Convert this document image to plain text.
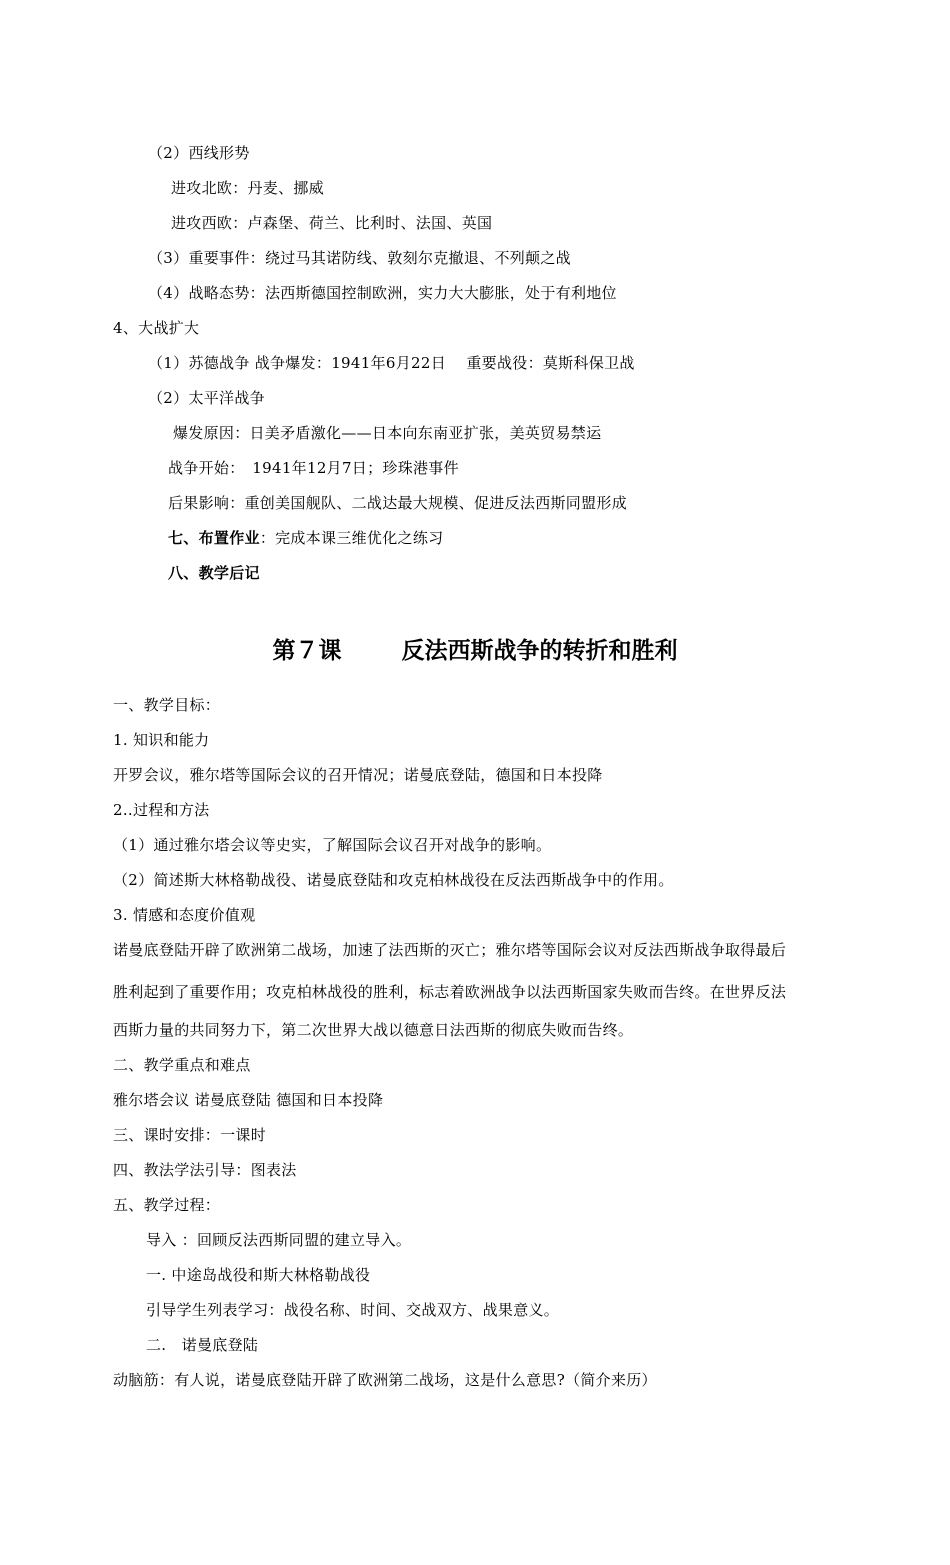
（2）西线形势
进攻北欧：丹麦、挪威
进攻西欧：卢森堡、荷兰、比利时、法国、英国
（3）重要事件：绕过马其诺防线、敦刻尔克撤退、不列颠之战
（4）战略态势：法西斯德国控制欧洲，实力大大膨胀，处于有利地位
4、大战扩大
（1）苏德战争 战争爆发：1941年6月22日　 重要战役：莫斯科保卫战
（2）太平洋战争
爆发原因：日美矛盾激化——日本向东南亚扩张，美英贸易禁运
战争开始：　1941年12月7日；珍珠港事件
后果影响：重创美国舰队、二战达最大规模、促进反法西斯同盟形成
七、布置作业：完成本课三维优化之练习
八、教学后记
第７课	反法西斯战争的转折和胜利
一、教学目标：
1. 知识和能力
开罗会议，雅尔塔等国际会议的召开情况；诺曼底登陆，德国和日本投降
2..过程和方法
（1）通过雅尔塔会议等史实，了解国际会议召开对战争的影响。
（2）简述斯大林格勒战役、诺曼底登陆和攻克柏林战役在反法西斯战争中的作用。
3. 情感和态度价值观
诺曼底登陆开辟了欧洲第二战场，加速了法西斯的灭亡；雅尔塔等国际会议对反法西斯战争取得最后
胜利起到了重要作用；攻克柏林战役的胜利，标志着欧洲战争以法西斯国家失败而告终。在世界反法
西斯力量的共同努力下，第二次世界大战以德意日法西斯的彻底失败而告终。
二、教学重点和难点
雅尔塔会议 诺曼底登陆 德国和日本投降
三、课时安排：一课时
四、教法学法引导：图表法
五、教学过程：
导入 ：回顾反法西斯同盟的建立导入。
一. 中途岛战役和斯大林格勒战役
引导学生列表学习：战役名称、时间、交战双方、战果意义。
二.　诺曼底登陆
动脑筋：有人说，诺曼底登陆开辟了欧洲第二战场，这是什么意思?（简介来历）
